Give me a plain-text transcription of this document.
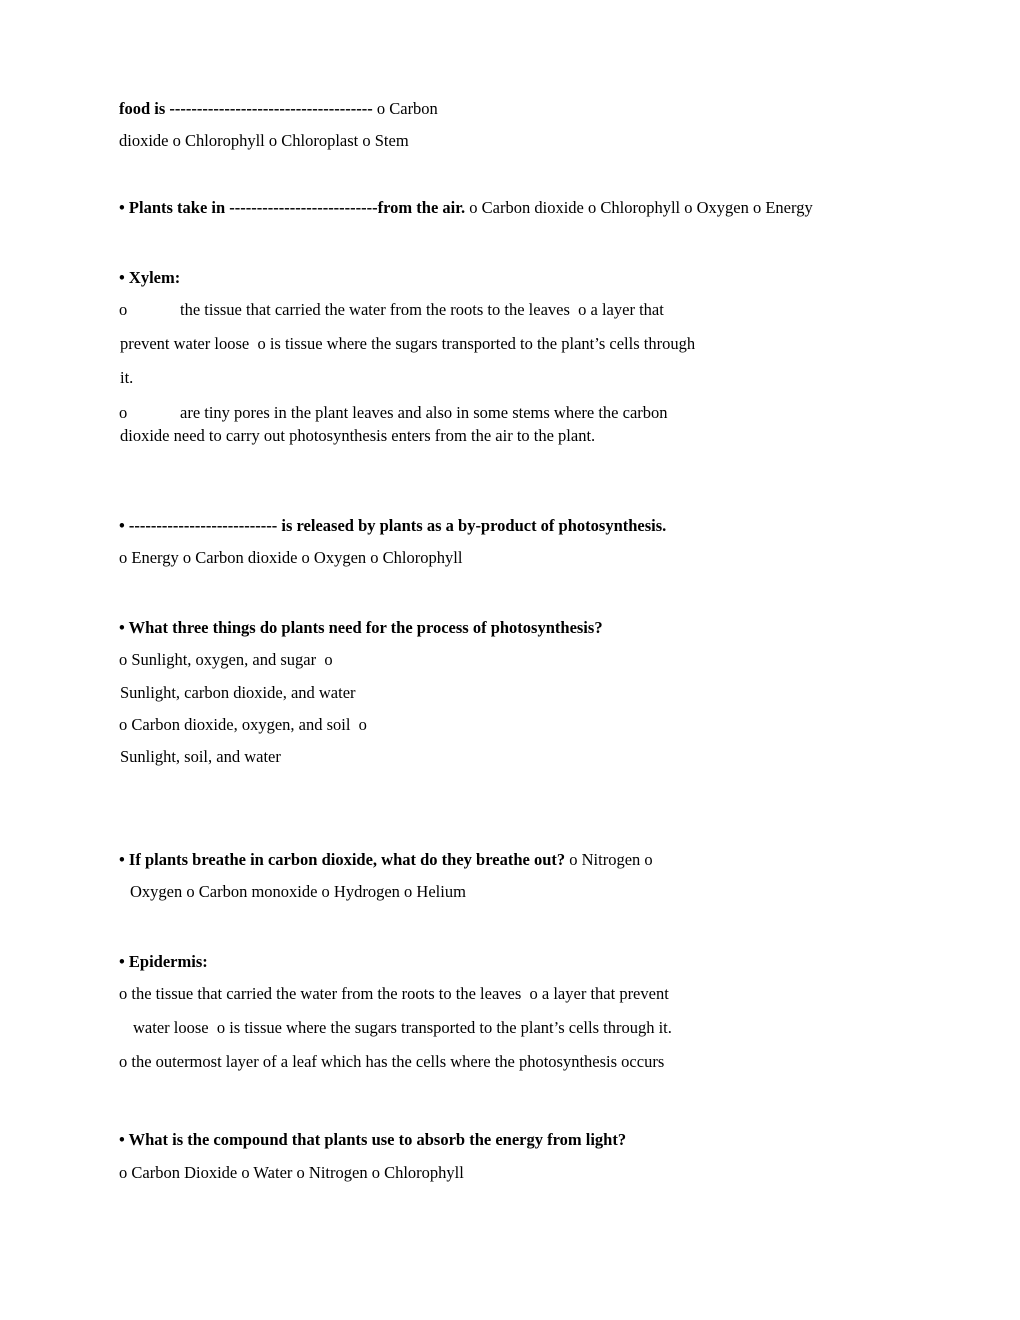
food is ------------------------------------- o Carbon
dioxide o Chlorophyll o Chloroplast o Stem
• Plants take in ---------------------------from the air. o Carbon dioxide o Chlorophyll o Oxygen o Energy
• Xylem:
o	the tissue that carried the water from the roots to the leaves  o a layer that
prevent water loose  o is tissue where the sugars transported to the plant’s cells through
it.
o	are tiny pores in the plant leaves and also in some stems where the carbon
dioxide need to carry out photosynthesis enters from the air to the plant.
• --------------------------- is released by plants as a by-product of photosynthesis.
o Energy o Carbon dioxide o Oxygen o Chlorophyll
• What three things do plants need for the process of photosynthesis?
o Sunlight, oxygen, and sugar  o
Sunlight, carbon dioxide, and water
o Carbon dioxide, oxygen, and soil  o
Sunlight, soil, and water
• If plants breathe in carbon dioxide, what do they breathe out? o Nitrogen o
Oxygen o Carbon monoxide o Hydrogen o Helium
• Epidermis:
o the tissue that carried the water from the roots to the leaves  o a layer that prevent
water loose  o is tissue where the sugars transported to the plant’s cells through it.
o the outermost layer of a leaf which has the cells where the photosynthesis occurs
• What is the compound that plants use to absorb the energy from light?
o Carbon Dioxide o Water o Nitrogen o Chlorophyll
